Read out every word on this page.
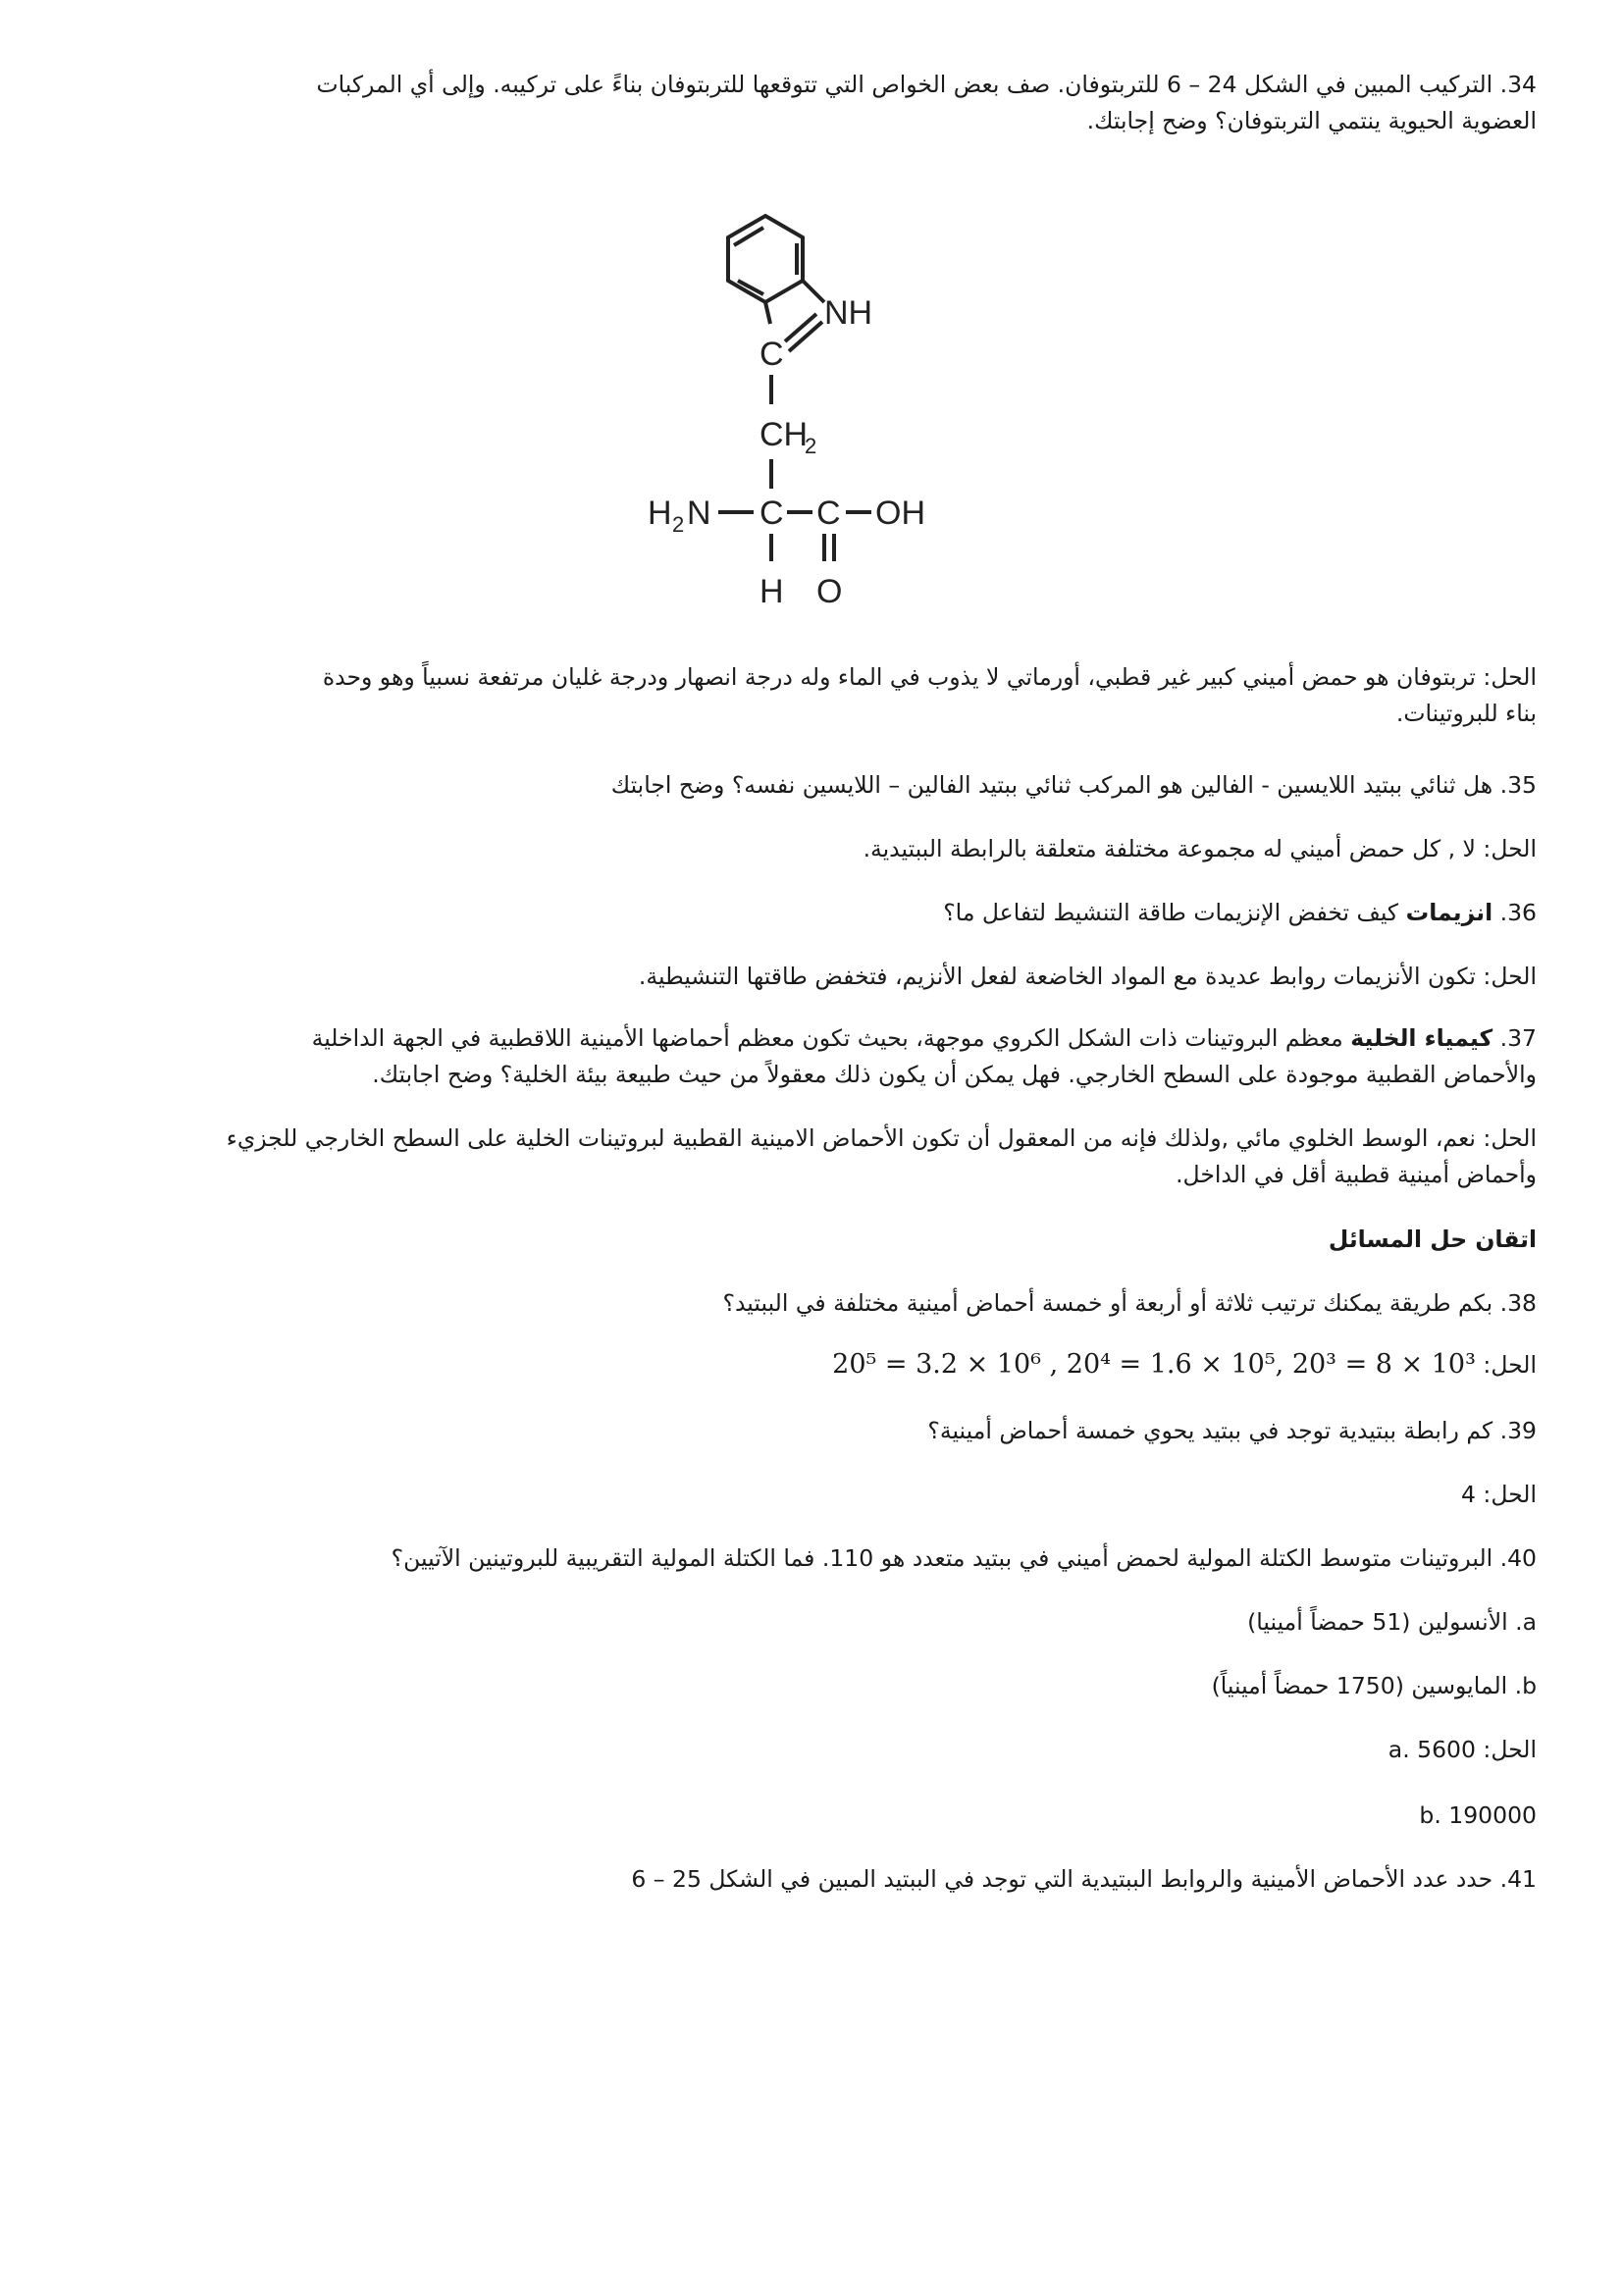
34. التركيب المبين في الشكل 24 – 6 للتربتوفان. صف بعض الخواص التي تتوقعها للتربتوفان بناءً على تركيبه. وإلى أي المركبات
العضوية الحيوية ينتمي التربتوفان؟ وضح إجابتك.
NH
C
CH
2
H 2 N C C OH
H O
الحل: تربتوفان هو حمض أميني كبير غير قطبي، أورماتي لا يذوب في الماء وله درجة انصهار ودرجة غليان مرتفعة نسبياً وهو وحدة
بناء للبروتينات.
35. هل ثنائي ببتيد اللايسين - الفالين هو المركب ثنائي ببتيد الفالين – اللايسين نفسه؟ وضح اجابتك
الحل: لا , كل حمض أميني له مجموعة مختلفة متعلقة بالرابطة الببتيدية.
36. انزيمات كيف تخفض الإنزيمات طاقة التنشيط لتفاعل ما؟
الحل: تكون الأنزيمات روابط عديدة مع المواد الخاضعة لفعل الأنزيم، فتخفض طاقتها التنشيطية.
37. كيمياء الخلية معظم البروتينات ذات الشكل الكروي موجهة، بحيث تكون معظم أحماضها الأمينية اللاقطبية في الجهة الداخلية
والأحماض القطبية موجودة على السطح الخارجي. فهل يمكن أن يكون ذلك معقولاً من حيث طبيعة بيئة الخلية؟ وضح اجابتك.
الحل: نعم، الوسط الخلوي مائي ,ولذلك فإنه من المعقول أن تكون الأحماض الامينية القطبية لبروتينات الخلية على السطح الخارجي للجزيء
وأحماض أمينية قطبية أقل في الداخل.
اتقان حل المسائل
38. بكم طريقة يمكنك ترتيب ثلاثة أو أربعة أو خمسة أحماض أمينية مختلفة في الببتيد؟
الحل: 20⁵ = 3.2 × 10⁶ , 20⁴ = 1.6 × 10⁵, 20³ = 8 × 10³
39. كم رابطة ببتيدية توجد في ببتيد يحوي خمسة أحماض أمينية؟
الحل: 4
40. البروتينات متوسط الكتلة المولية لحمض أميني في ببتيد متعدد هو 110. فما الكتلة المولية التقريبية للبروتينين الآتيين؟
a. الأنسولين (51 حمضاً أمينيا)
b. المايوسين (1750 حمضاً أمينياً)
الحل: a. 5600
b. 190000
41. حدد عدد الأحماض الأمينية والروابط الببتيدية التي توجد في الببتيد المبين في الشكل 25 – 6
